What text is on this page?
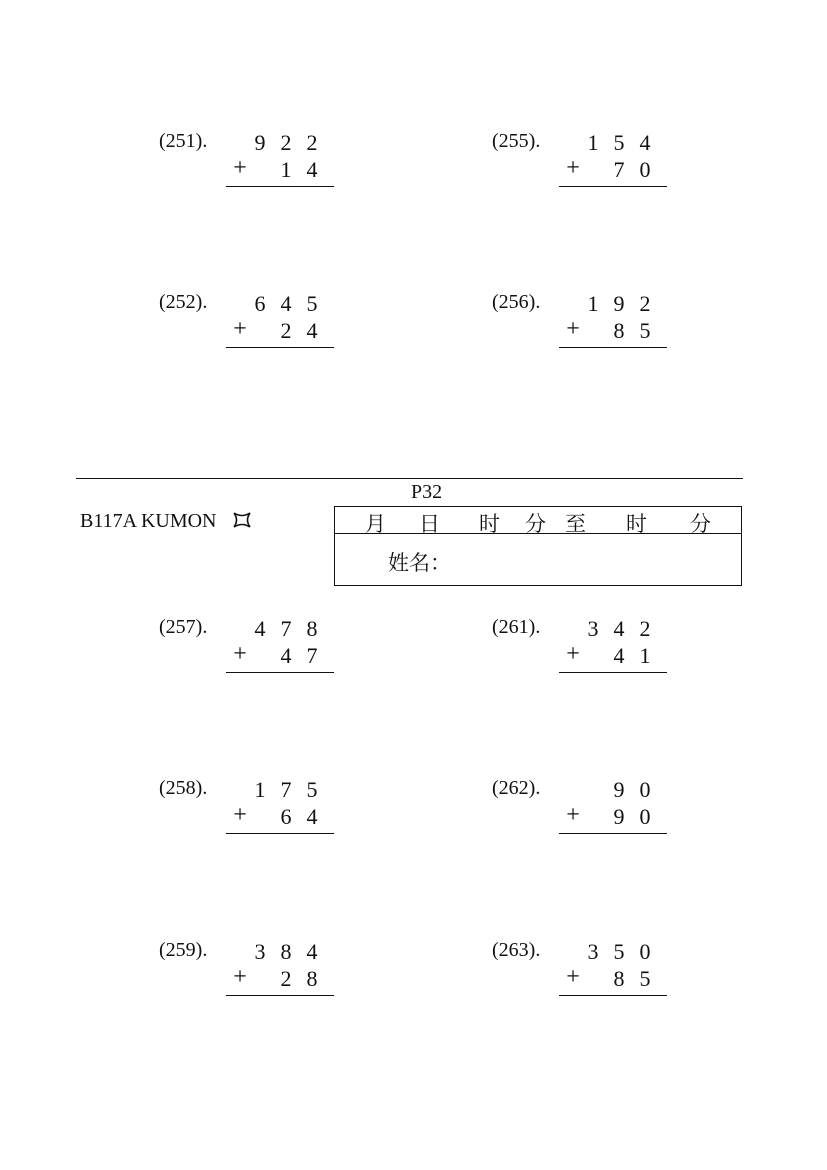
(251). 9 2 2
+ 1 4
(252). 6 4 5
+ 2 4
(255). 1 5 4
+ 7 0
(256). 1 9 2
+ 8 5
P32
B117A KUMON	月 日 时 分 至 时 分
姓名：
(257). 4 7 8
+ 4 7
(258). 1 7 5
+ 6 4
(259). 3 8 4
+ 2 8
(261). 3 4 2
+ 4 1
(262).	9 0
+ 9 0
(263). 3 5 0
+ 8 5
